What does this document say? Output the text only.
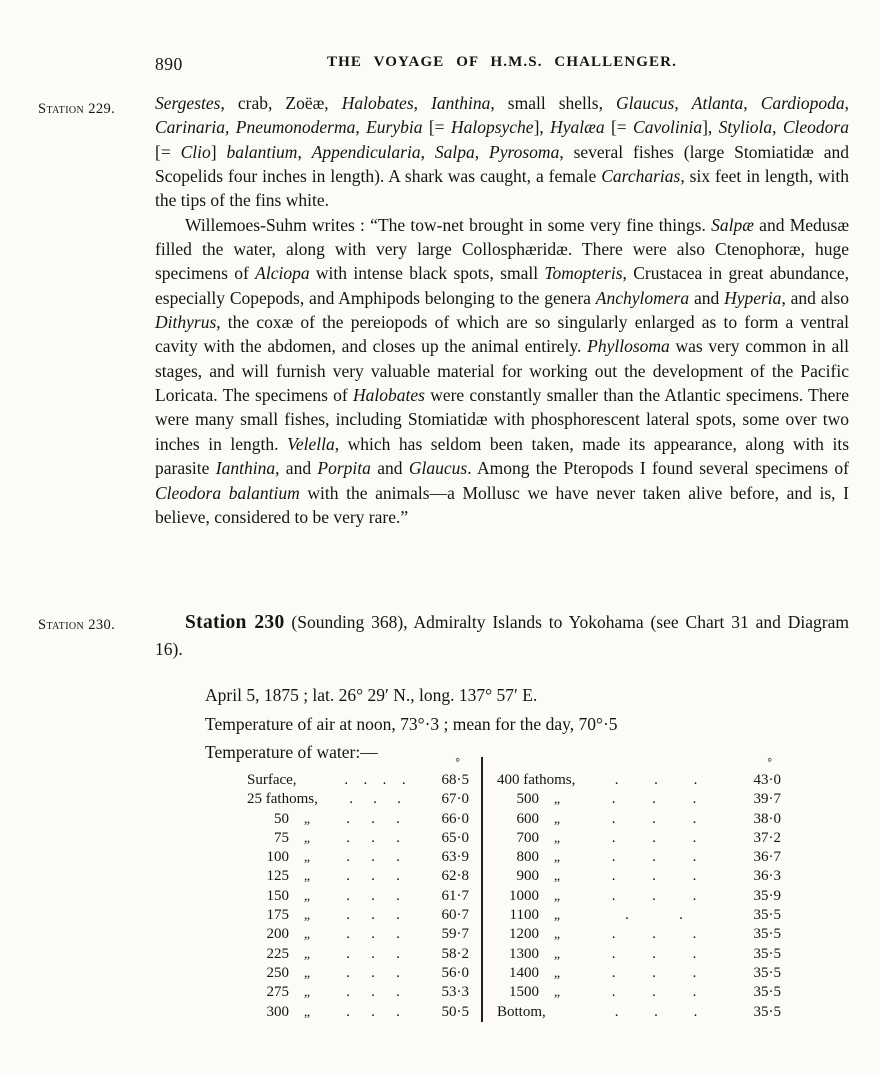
890	THE VOYAGE OF H.M.S. CHALLENGER.
Station 229.
Station 230.

Sergestes, crab, Zoëæ, Halobates, Ianthina, small shells, Glaucus, Atlanta, Cardiopoda, Carinaria, Pneumonoderma, Eurybia [= Halopsyche], Hyalæa [= Cavolinia], Styliola, Cleodora [= Clio] balantium, Appendicularia, Salpa, Pyrosoma, several fishes (large Stomiatidæ and Scopelids four inches in length). A shark was caught, a female Carcharias, six feet in length, with the tips of the fins white.

Willemoes-Suhm writes : “The tow-net brought in some very fine things. Salpæ and Medusæ filled the water, along with very large Collosphæridæ. There were also Ctenophoræ, huge specimens of Alciopa with intense black spots, small Tomopteris, Crustacea in great abundance, especially Copepods, and Amphipods belonging to the genera Anchylomera and Hyperia, and also Dithyrus, the coxæ of the pereiopods of which are so singularly enlarged as to form a ventral cavity with the abdomen, and closes up the animal entirely. Phyllosoma was very common in all stages, and will furnish very valuable material for working out the development of the Pacific Loricata. The specimens of Halobates were constantly smaller than the Atlantic specimens. There were many small fishes, including Stomiatidæ with phosphorescent lateral spots, some over two inches in length. Velella, which has seldom been taken, made its appearance, along with its parasite Ianthina, and Porpita and Glaucus. Among the Pteropods I found several specimens of Cleodora balantium with the animals—a Mollusc we have never taken alive before, and is, I believe, considered to be very rare.”

Station 230 (Sounding 368), Admiralty Islands to Yokohama (see Chart 31 and Diagram 16).
April 5, 1875 ; lat. 26° 29′ N., long. 137° 57′ E.
Temperature of air at noon, 73°·3 ; mean for the day, 70°·5
Temperature of water:—
°
Surface,	. . . .	68·5
25 fathoms,	. . .	67·0
50	„	. . .	66·0
75	„	. . .	65·0
100	„	. . .	63·9
125	„	. . .	62·8
150	„	. . .	61·7
175	„	. . .	60·7
200	„	. . .	59·7
225	„	. . .	58·2
250	„	. . .	56·0
275	„	. . .	53·3
300	„	. . .	50·5
°
400 fathoms,	. . .	43·0
500	„	. . .	39·7
600	„	. . .	38·0
700	„	. . .	37·2
800	„	. . .	36·7
900	„	. . .	36·3
1000	„	. . .	35·9
1100	„	.	.	35·5
1200	„	. . .	35·5
1300	„	. . .	35·5
1400	„	. . .	35·5
1500	„	. . .	35·5
Bottom,	. . .	35·5
